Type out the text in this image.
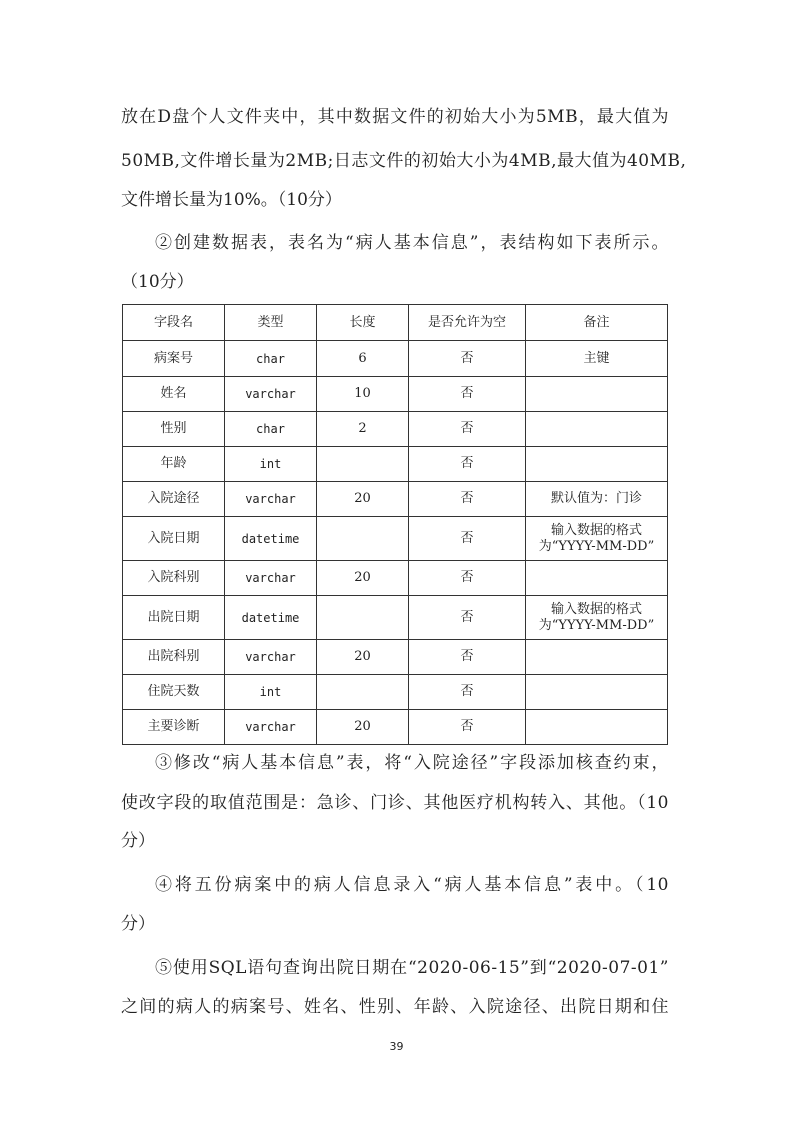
放在D盘个人文件夹中，其中数据文件的初始大小为5MB，最大值为
50MB,文件增长量为2MB;日志文件的初始大小为4MB,最大值为40MB,
文件增长量为10%。（10分）
②创建数据表，表名为“病人基本信息”，表结构如下表所示。
（10分）
字段名	类型	长度	是否允许为空	备注
病案号	char	6	否	主键
姓名	varchar	10	否	
性别	char	2	否	
年龄	int		否	
入院途径	varchar	20	否	默认值为：门诊
入院日期	datetime		否	输入数据的格式为“YYYY-MM-DD”
入院科别	varchar	20	否	
出院日期	datetime		否	输入数据的格式为“YYYY-MM-DD”
出院科别	varchar	20	否	
住院天数	int		否	
主要诊断	varchar	20	否	
③修改“病人基本信息”表，将“入院途径”字段添加核查约束，
使改字段的取值范围是：急诊、门诊、其他医疗机构转入、其他。（10
分）
④将五份病案中的病人信息录入“病人基本信息”表中。（10
分）
⑤使用SQL语句查询出院日期在“2020-06-15”到“2020-07-01”
之间的病人的病案号、姓名、性别、年龄、入院途径、出院日期和住
39
